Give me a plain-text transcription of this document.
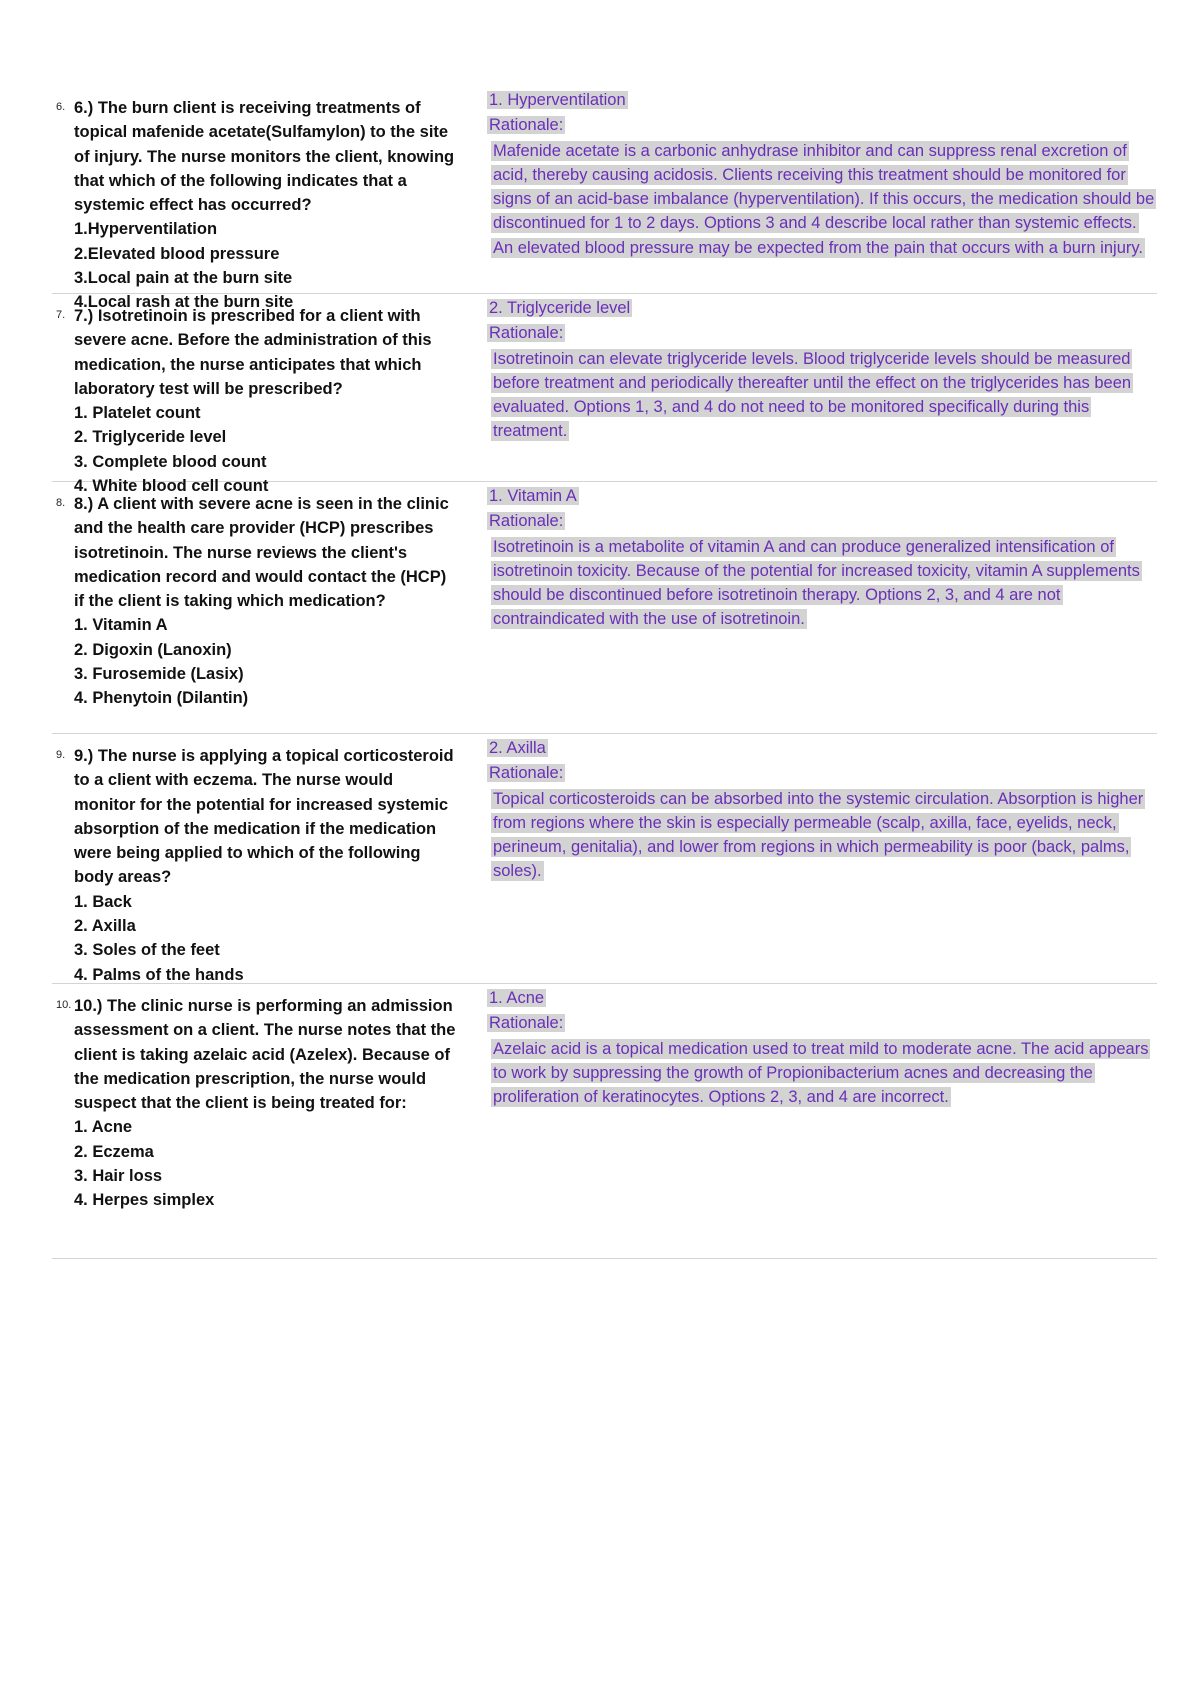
6. 6.) The burn client is receiving treatments of topical mafenide acetate(Sulfamylon) to the site of injury. The nurse monitors the client, knowing that which of the following indicates that a systemic effect has occurred?
1.Hyperventilation
2.Elevated blood pressure
3.Local pain at the burn site
4.Local rash at the burn site
1. Hyperventilation
Rationale:
Mafenide acetate is a carbonic anhydrase inhibitor and can suppress renal excretion of acid, thereby causing acidosis. Clients receiving this treatment should be monitored for signs of an acid-base imbalance (hyperventilation). If this occurs, the medication should be discontinued for 1 to 2 days. Options 3 and 4 describe local rather than systemic effects. An elevated blood pressure may be expected from the pain that occurs with a burn injury.
7. 7.) Isotretinoin is prescribed for a client with severe acne. Before the administration of this medication, the nurse anticipates that which laboratory test will be prescribed?
1. Platelet count
2. Triglyceride level
3. Complete blood count
4. White blood cell count
2. Triglyceride level
Rationale:
Isotretinoin can elevate triglyceride levels. Blood triglyceride levels should be measured before treatment and periodically thereafter until the effect on the triglycerides has been evaluated. Options 1, 3, and 4 do not need to be monitored specifically during this treatment.
8. 8.) A client with severe acne is seen in the clinic and the health care provider (HCP) prescribes isotretinoin. The nurse reviews the client's medication record and would contact the (HCP) if the client is taking which medication?
1. Vitamin A
2. Digoxin (Lanoxin)
3. Furosemide (Lasix)
4. Phenytoin (Dilantin)
1. Vitamin A
Rationale:
Isotretinoin is a metabolite of vitamin A and can produce generalized intensification of isotretinoin toxicity. Because of the potential for increased toxicity, vitamin A supplements should be discontinued before isotretinoin therapy. Options 2, 3, and 4 are not contraindicated with the use of isotretinoin.
9. 9.) The nurse is applying a topical corticosteroid to a client with eczema. The nurse would monitor for the potential for increased systemic absorption of the medication if the medication were being applied to which of the following body areas?
1. Back
2. Axilla
3. Soles of the feet
4. Palms of the hands
2. Axilla
Rationale:
Topical corticosteroids can be absorbed into the systemic circulation. Absorption is higher from regions where the skin is especially permeable (scalp, axilla, face, eyelids, neck, perineum, genitalia), and lower from regions in which permeability is poor (back, palms, soles).
10. 10.) The clinic nurse is performing an admission assessment on a client. The nurse notes that the client is taking azelaic acid (Azelex). Because of the medication prescription, the nurse would suspect that the client is being treated for:
1. Acne
2. Eczema
3. Hair loss
4. Herpes simplex
1. Acne
Rationale:
Azelaic acid is a topical medication used to treat mild to moderate acne. The acid appears to work by suppressing the growth of Propionibacterium acnes and decreasing the proliferation of keratinocytes. Options 2, 3, and 4 are incorrect.
